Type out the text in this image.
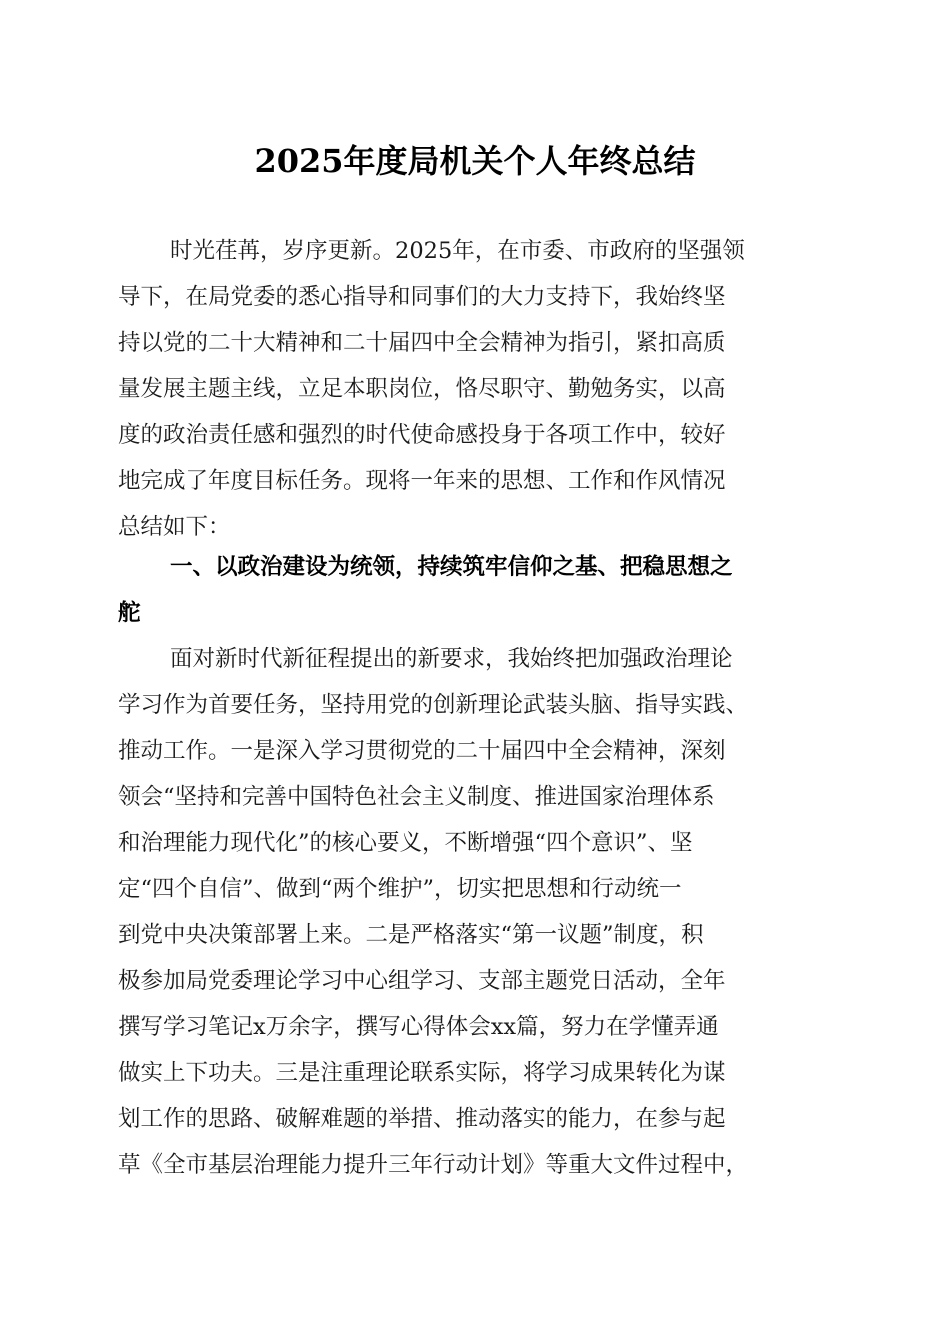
2025年度局机关个人年终总结
时光荏苒，岁序更新。2025年，在市委、市政府的坚强领
导下，在局党委的悉心指导和同事们的大力支持下，我始终坚
持以党的二十大精神和二十届四中全会精神为指引，紧扣高质
量发展主题主线，立足本职岗位，恪尽职守、勤勉务实，以高
度的政治责任感和强烈的时代使命感投身于各项工作中，较好
地完成了年度目标任务。现将一年来的思想、工作和作风情况
总结如下：
一、以政治建设为统领，持续筑牢信仰之基、把稳思想之
舵
面对新时代新征程提出的新要求，我始终把加强政治理论
学习作为首要任务，坚持用党的创新理论武装头脑、指导实践、
推动工作。一是深入学习贯彻党的二十届四中全会精神，深刻
领会“坚持和完善中国特色社会主义制度、推进国家治理体系
和治理能力现代化”的核心要义，不断增强“四个意识”、坚
定“四个自信”、做到“两个维护”，切实把思想和行动统一
到党中央决策部署上来。二是严格落实“第一议题”制度，积
极参加局党委理论学习中心组学习、支部主题党日活动，全年
撰写学习笔记x万余字，撰写心得体会xx篇，努力在学懂弄通
做实上下功夫。三是注重理论联系实际，将学习成果转化为谋
划工作的思路、破解难题的举措、推动落实的能力，在参与起
草《全市基层治理能力提升三年行动计划》等重大文件过程中，
